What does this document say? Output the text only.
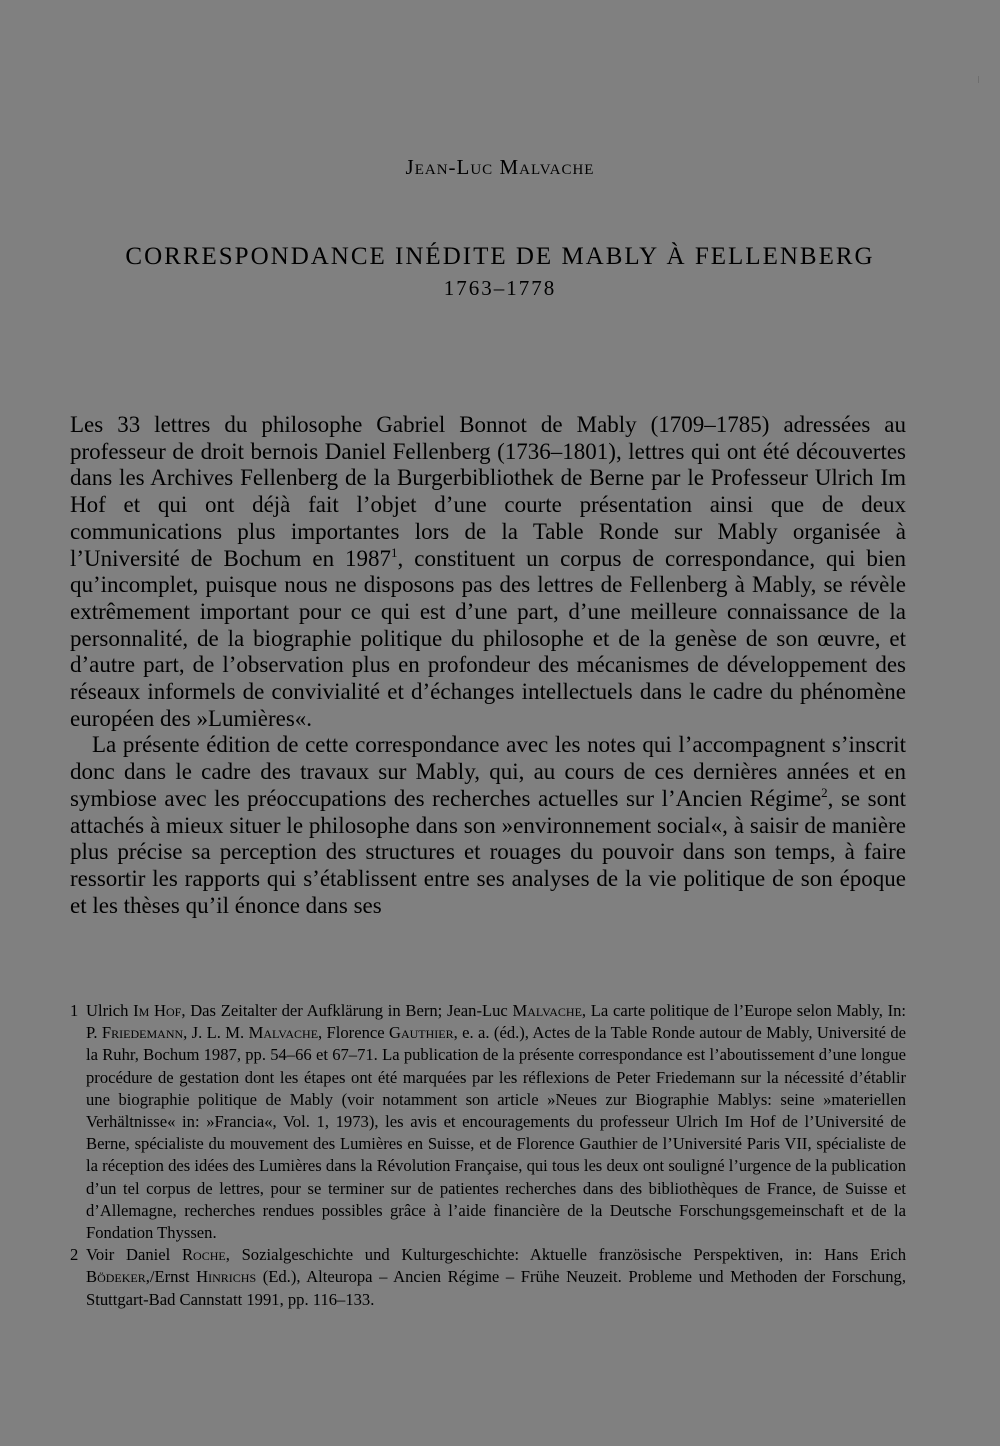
Jean-Luc Malvache
CORRESPONDANCE INÉDITE DE MABLY À FELLENBERG
1763–1778

Les 33 lettres du philosophe Gabriel Bonnot de Mably (1709–1785) adressées au professeur de droit bernois Daniel Fellenberg (1736–1801), lettres qui ont été découvertes dans les Archives Fellenberg de la Burgerbibliothek de Berne par le Professeur Ulrich Im Hof et qui ont déjà fait l’objet d’une courte présentation ainsi que de deux communications plus importantes lors de la Table Ronde sur Mably organisée à l’Université de Bochum en 1987$^1$, constituent un corpus de correspondance, qui bien qu’incomplet, puisque nous ne disposons pas des lettres de Fellenberg à Mably, se révèle extrêmement important pour ce qui est d’une part, d’une meilleure connaissance de la personnalité, de la biographie politique du philosophe et de la genèse de son œuvre, et d’autre part, de l’observation plus en profondeur des mécanismes de développement des réseaux informels de convivialité et d’échanges intellectuels dans le cadre du phénomène européen des »Lumières«.

La présente édition de cette correspondance avec les notes qui l’accompagnent s’inscrit donc dans le cadre des travaux sur Mably, qui, au cours de ces dernières années et en symbiose avec les préoccupations des recherches actuelles sur l’Ancien Régime$^2$, se sont attachés à mieux situer le philosophe dans son »environnement social«, à saisir de manière plus précise sa perception des structures et rouages du pouvoir dans son temps, à faire ressortir les rapports qui s’établissent entre ses analyses de la vie politique de son époque et les thèses qu’il énonce dans ses

1 Ulrich Im Hof, Das Zeitalter der Aufklärung in Bern; Jean-Luc Malvache, La carte politique de l’Europe selon Mably, In: P. Friedemann, J. L. M. Malvache, Florence Gauthier, e. a. (éd.), Actes de la Table Ronde autour de Mably, Université de la Ruhr, Bochum 1987, pp. 54–66 et 67–71. La publication de la présente correspondance est l’aboutissement d’une longue procédure de gestation dont les étapes ont été marquées par les réflexions de Peter Friedemann sur la nécessité d’établir une biographie politique de Mably (voir notamment son article »Neues zur Biographie Mablys: seine »materiellen Verhältnisse« in: »Francia«, Vol. 1, 1973), les avis et encouragements du professeur Ulrich Im Hof de l’Université de Berne, spécialiste du mouvement des Lumières en Suisse, et de Florence Gauthier de l’Université Paris VII, spécialiste de la réception des idées des Lumières dans la Révolution Française, qui tous les deux ont souligné l’urgence de la publication d’un tel corpus de lettres, pour se terminer sur de patientes recherches dans des bibliothèques de France, de Suisse et d’Allemagne, recherches rendues possibles grâce à l’aide financière de la Deutsche Forschungsgemeinschaft et de la Fondation Thyssen.
2 Voir Daniel Roche, Sozialgeschichte und Kulturgeschichte: Aktuelle französische Perspektiven, in: Hans Erich Bödeker,/Ernst Hinrichs (Ed.), Alteuropa – Ancien Régime – Frühe Neuzeit. Probleme und Methoden der Forschung, Stuttgart-Bad Cannstatt 1991, pp. 116–133.
